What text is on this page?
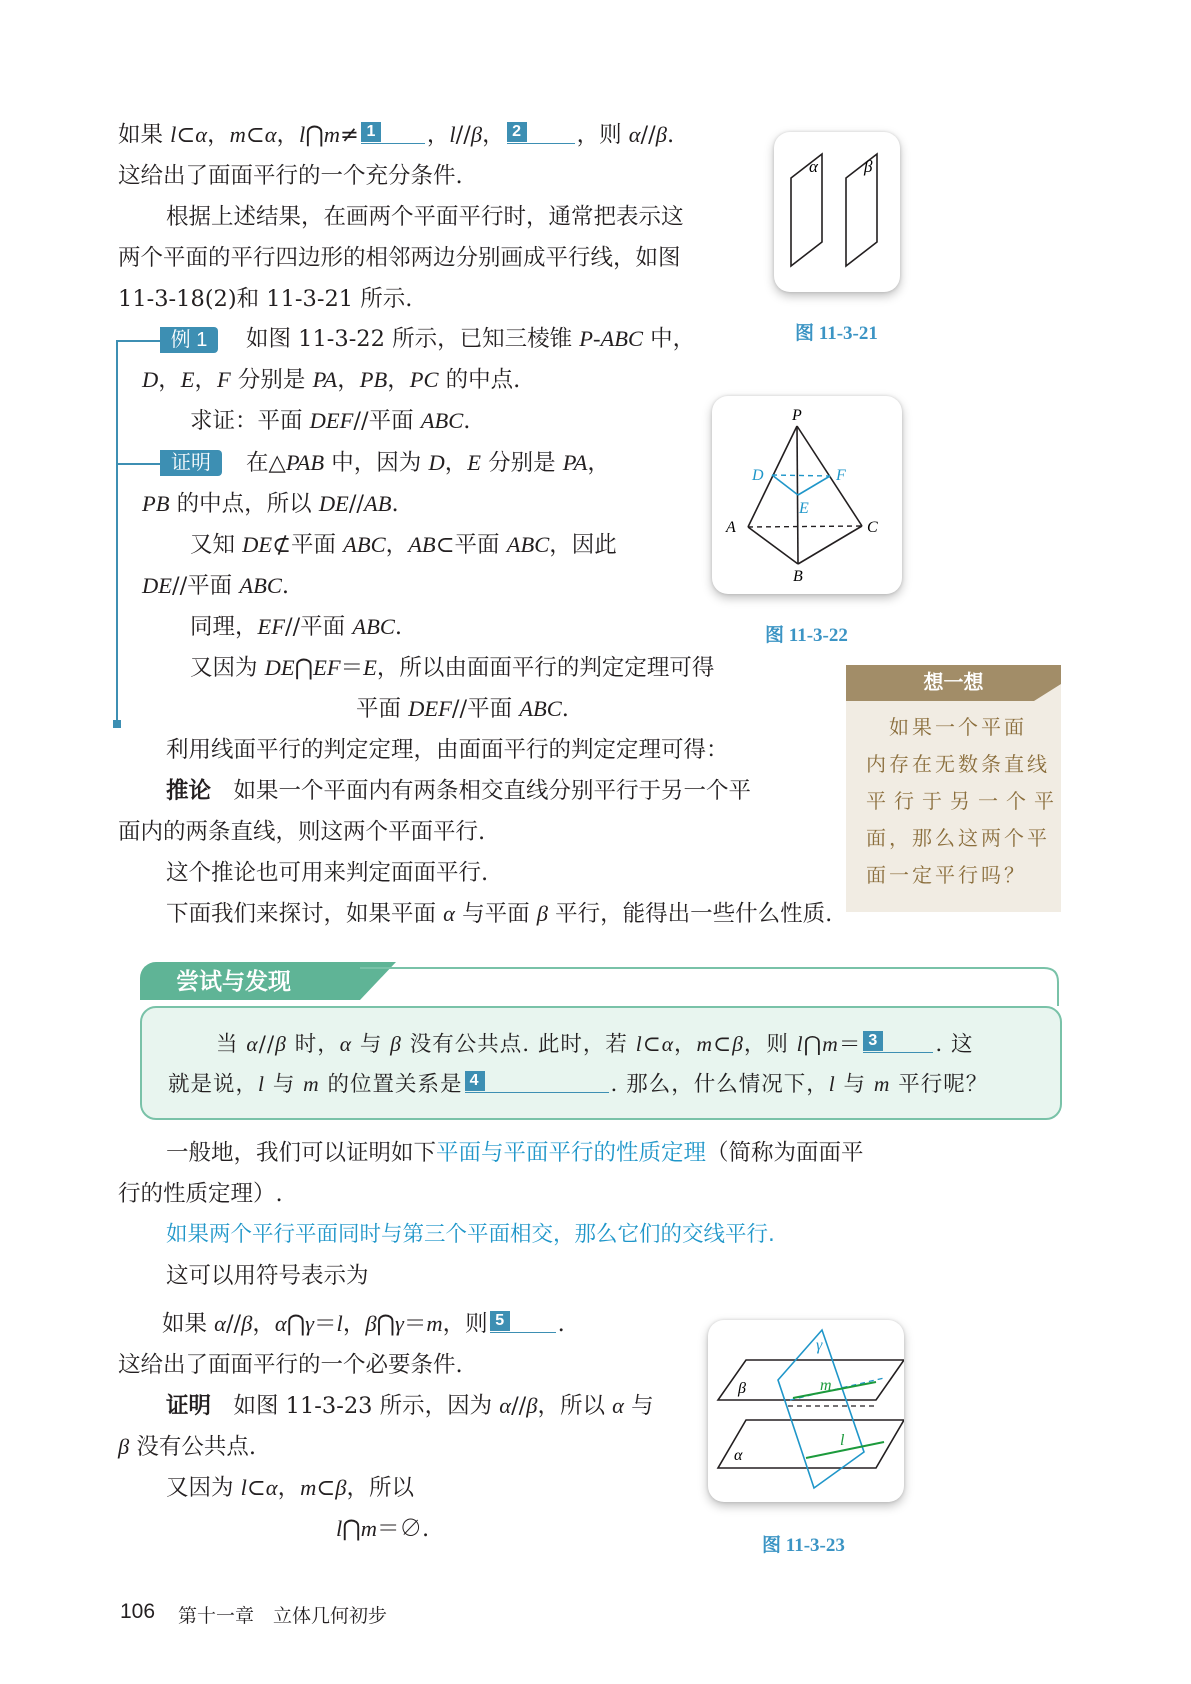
如果 l⊂α，m⊂α，l⋂m≠ 1 ，l//β， 2 ，则 α//β.
这给出了面面平行的一个充分条件.
根据上述结果，在画两个平面平行时，通常把表示这
两个平面的平行四边形的相邻两边分别画成平行线，如图
11-3-18(2)和 11-3-21 所示.
例 1
证明
如图 11-3-22 所示，已知三棱锥 P-ABC 中，
D，E，F 分别是 PA，PB，PC 的中点.
求证：平面 DEF//平面 ABC.
在△PAB 中，因为 D，E 分别是 PA，
PB 的中点，所以 DE//AB.
又知 DE⊄平面 ABC，AB⊂平面 ABC，因此
DE//平面 ABC.
同理，EF//平面 ABC.
又因为 DE⋂EF＝E，所以由面面平行的判定定理可得
平面 DEF//平面 ABC.
利用线面平行的判定定理，由面面平行的判定定理可得：
推论　如果一个平面内有两条相交直线分别平行于另一个平
面内的两条直线，则这两个平面平行.
这个推论也可用来判定面面平行.
下面我们来探讨，如果平面 α 与平面 β 平行，能得出一些什么性质.
α	β
图 11-3-21
P
D	F
E
A	C
B
图 11-3-22
想一想
　如果一个平面
内存在无数条直线
平行于另一个平
面，那么这两个平
面一定平行吗？
尝试与发现
当 α//β 时，α 与 β 没有公共点. 此时，若 l⊂α，m⊂β，则 l⋂m＝ 3	. 这
就是说，l 与 m 的位置关系是 4	. 那么，什么情况下，l 与 m 平行呢？
一般地，我们可以证明如下平面与平面平行的性质定理（简称为面面平
行的性质定理）.
如果两个平行平面同时与第三个平面相交，那么它们的交线平行.
这可以用符号表示为
如果 α//β，α⋂γ＝l，β⋂γ＝m，则 5 .
这给出了面面平行的一个必要条件.
证明　如图 11-3-23 所示，因为 α//β，所以 α 与
β 没有公共点.
又因为 l⊂α，m⊂β，所以
l⋂m＝∅.
γ
β	m
α
l
图 11-3-23
106 第十一章　立体几何初步
